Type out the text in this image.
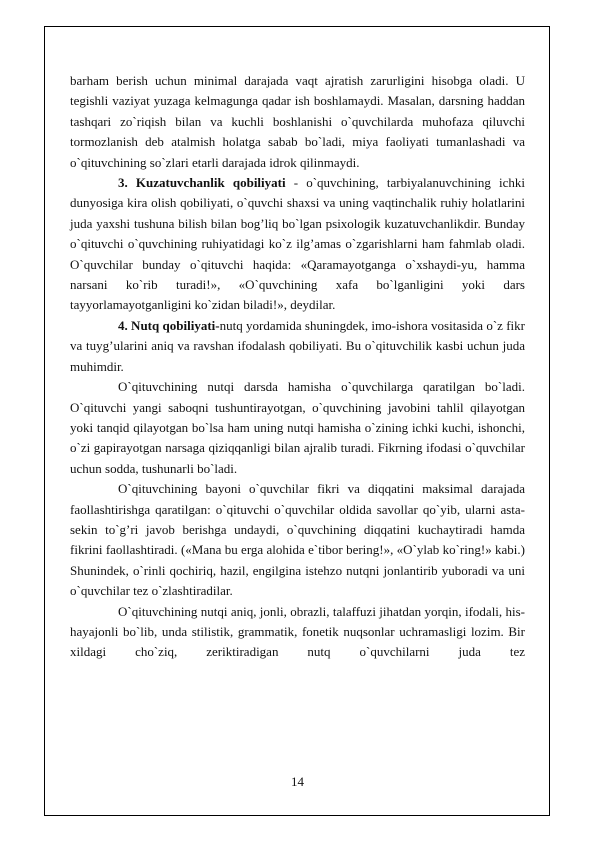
barham berish uchun minimal darajada vaqt ajratish zarurligini hisobga oladi. U tegishli vaziyat yuzaga kelmagunga qadar ish boshlamaydi. Masalan, darsning haddan tashqari zo`riqish bilan va kuchli boshlanishi o`quvchilarda muhofaza qiluvchi tormozlanish deb atalmish holatga sabab bo`ladi, miya faoliyati tumanlashadi va o`qituvchining so`zlari etarli darajada idrok qilinmaydi.

3. Kuzatuvchanlik qobiliyati - o`quvchining, tarbiyalanuvchining ichki dunyosiga kira olish qobiliyati, o`quvchi shaxsi va uning vaqtinchalik ruhiy holatlarini juda yaxshi tushuna bilish bilan bog’liq bo`lgan psixologik kuzatuvchanlikdir. Bunday o`qituvchi o`quvchining ruhiyatidagi ko`z ilg’amas o`zgarishlarni ham fahmlab oladi. O`quvchilar bunday o`qituvchi haqida: «Qaramayotganga o`xshaydi-yu, hamma narsani ko`rib turadi!», «O`quvchining xafa bo`lganligini yoki dars tayyorlamayotganligini ko`zidan biladi!», deydilar.

4. Nutq qobiliyati-nutq yordamida shuningdek, imo-ishora vositasida o`z fikr va tuyg’ularini aniq va ravshan ifodalash qobiliyati. Bu o`qituvchilik kasbi uchun juda muhimdir.

O`qituvchining nutqi darsda hamisha o`quvchilarga qaratilgan bo`ladi. O`qituvchi yangi saboqni tushuntirayotgan, o`quvchining javobini tahlil qilayotgan yoki tanqid qilayotgan bo`lsa ham uning nutqi hamisha o`zining ichki kuchi, ishonchi, o`zi gapirayotgan narsaga qiziqqanligi bilan ajralib turadi. Fikrning ifodasi o`quvchilar uchun sodda, tushunarli bo`ladi.

O`qituvchining bayoni o`quvchilar fikri va diqqatini maksimal darajada faollashtirishga qaratilgan: o`qituvchi o`quvchilar oldida savollar qo`yib, ularni asta-sekin to`g’ri javob berishga undaydi, o`quvchining diqqatini kuchaytiradi hamda fikrini faollashtiradi. («Mana bu erga alohida e`tibor bering!», «O`ylab ko`ring!» kabi.) Shunindek, o`rinli qochiriq, hazil, engilgina istehzo nutqni jonlantirib yuboradi va uni o`quvchilar tez o`zlashtiradilar.

O`qituvchining nutqi aniq, jonli, obrazli, talaffuzi jihatdan yorqin, ifodali, his-hayajonli bo`lib, unda stilistik, grammatik, fonetik nuqsonlar uchramasligi lozim. Bir xildagi cho`ziq, zeriktiradigan nutq o`quvchilarni juda tez

14
